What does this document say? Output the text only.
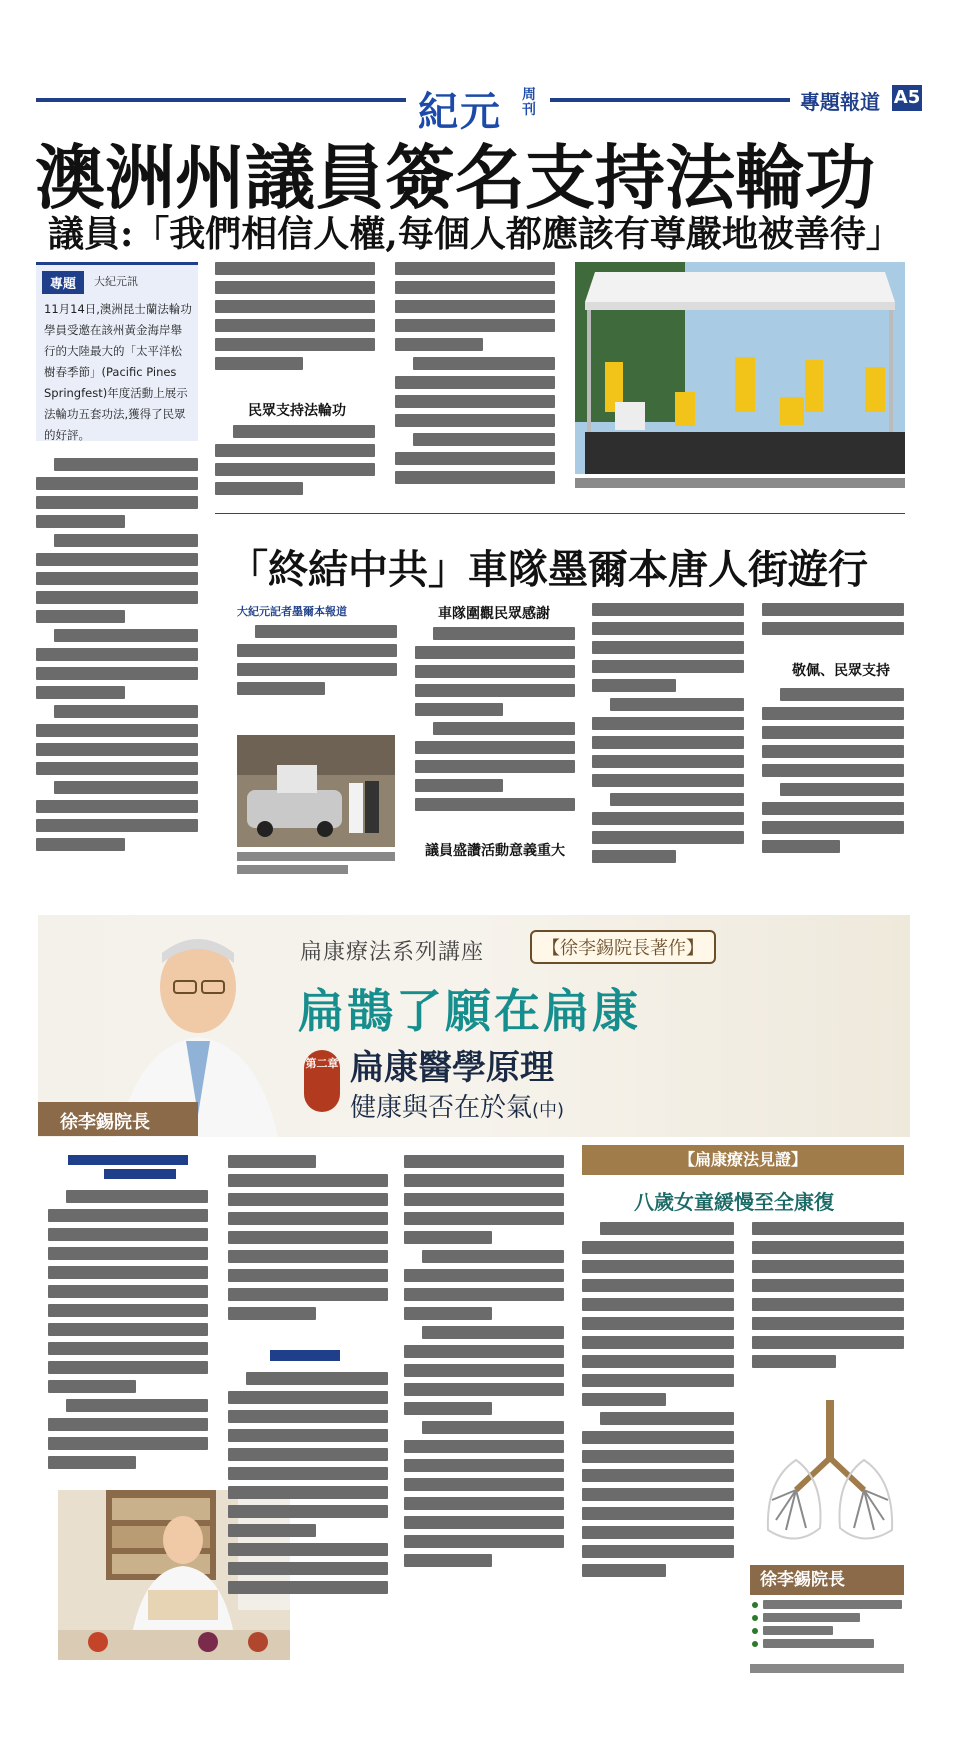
紀元 周刊	專題報道 A5
澳洲州議員簽名支持法輪功
議員:「我們相信人權,每個人都應該有尊嚴地被善待」
專題	大紀元訊
11月14日,澳洲昆士蘭法輪功學員受邀在該州黃金海岸舉行的大陸最大的「太平洋松樹春季節」(Pacific Pines Springfest)年度活動上展示法輪功五套功法,獲得了民眾的好評。
民眾支持法輪功
「終結中共」車隊墨爾本唐人街遊行
大紀元記者墨爾本報道	車隊圍觀民眾感謝
議員盛讚活動意義重大
敬佩、民眾支持
扁康療法系列講座	【徐李錫院長著作】
扁鵲了願在扁康
第二章 扁康醫學原理
健康與否在於氣(中)
徐李錫院長
【扁康療法見證】
八歲女童緩慢至全康復
徐李錫院長
